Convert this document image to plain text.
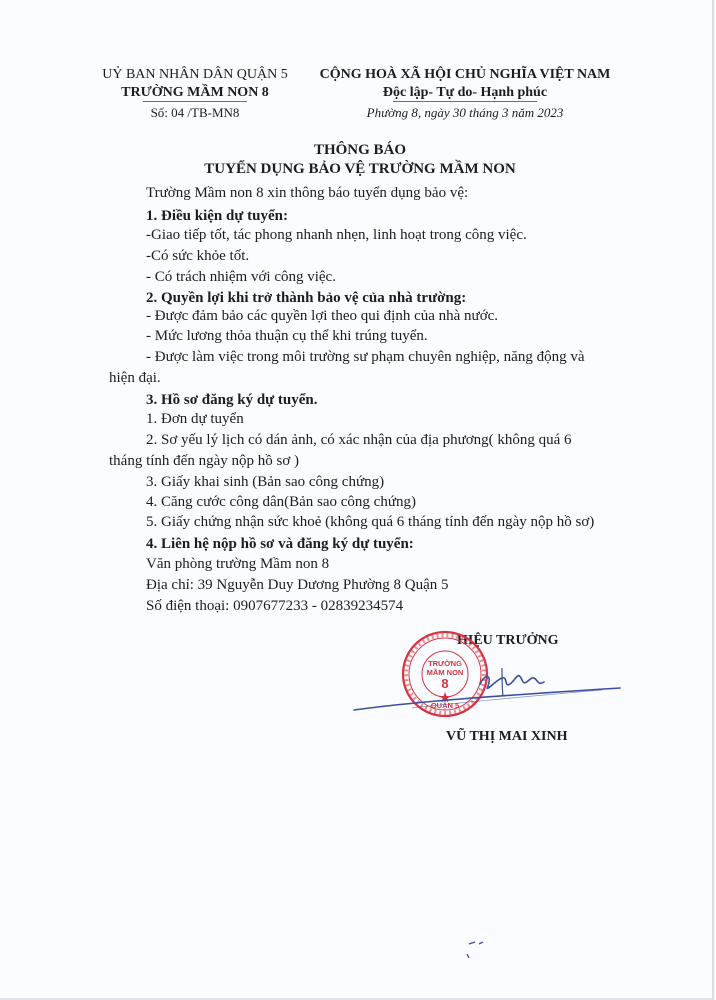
UỶ BAN NHÂN DÂN QUẬN 5
TRƯỜNG MẦM NON 8
Số: 04 /TB-MN8
CỘNG HOÀ XÃ HỘI CHỦ NGHĨA VIỆT NAM
Độc lập- Tự do- Hạnh phúc
Phường 8, ngày 30 tháng 3 năm 2023
THÔNG BÁO
TUYỂN DỤNG BẢO VỆ TRƯỜNG MẦM NON
Trường Mầm non 8 xin thông báo tuyển dụng bảo vệ:
1. Điều kiện dự tuyển:
-Giao tiếp tốt, tác phong nhanh nhẹn, linh hoạt trong công việc.
-Có sức khỏe tốt.
- Có trách nhiệm với công việc.
2. Quyền lợi khi trở thành bảo vệ của nhà trường:
- Được đảm bảo các quyền lợi theo qui định của nhà nước.
- Mức lương thỏa thuận cụ thể khi trúng tuyển.
- Được làm việc trong môi trường sư phạm chuyên nghiệp, năng động và
hiện đại.
3. Hồ sơ đăng ký dự tuyển.
1. Đơn dự tuyển
2. Sơ yếu lý lịch có dán ảnh, có xác nhận của địa phương( không quá 6
tháng tính đến ngày nộp hồ sơ )
3. Giấy khai sinh (Bản sao công chứng)
4. Căng cước công dân(Bản sao công chứng)
5. Giấy chứng nhận sức khoẻ (không quá 6 tháng tính đến ngày nộp hồ sơ)
4. Liên hệ nộp hồ sơ và đăng ký dự tuyển:
Văn phòng trường Mầm non 8
Địa chỉ: 39 Nguyễn Duy Dương Phường 8 Quận 5
Số điện thoại: 0907677233 - 02839234574
HIỆU TRƯỞNG
TRƯỜNG
MẦM NON
8
QUẬN 5
VŨ THỊ MAI XINH
